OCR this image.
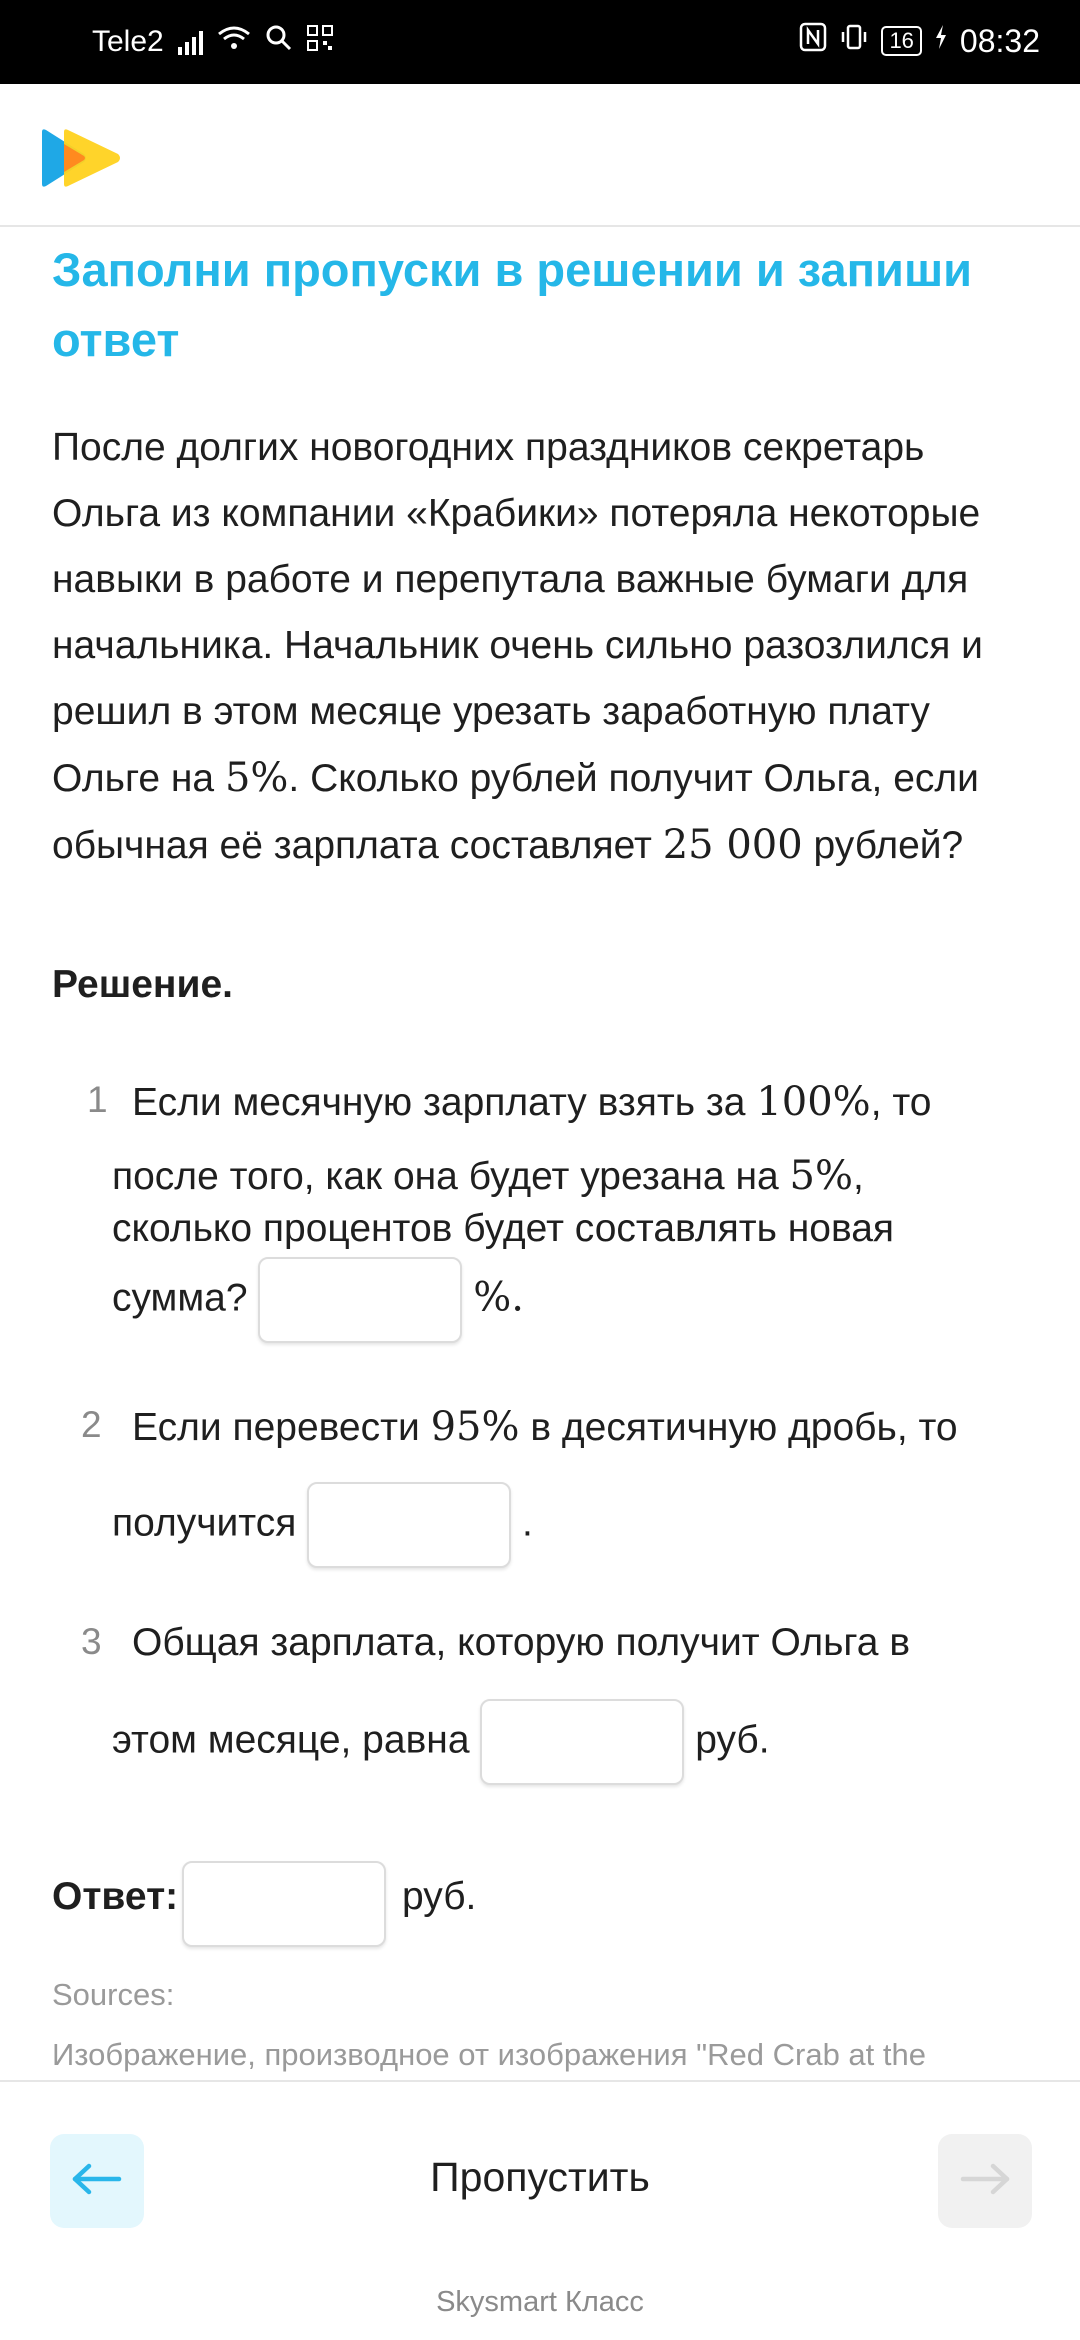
Tele2	16 08:32
Заполни пропуски в решении и запиши ответ
После долгих новогодних праздников секретарь Ольга из компании «Крабики» потеряла некоторые навыки в работе и перепутала важные бумаги для начальника. Начальник очень сильно разозлился и решил в этом месяце урезать заработную плату Ольге на 5%. Сколько рублей получит Ольга, если обычная её зарплата составляет 25 000 рублей?
Решение.
1 Если месячную зарплату взять за 100%, то
после того, как она будет урезана на 5%,
сколько процентов будет составлять новая
сумма?	%.
2 Если перевести 95% в десятичную дробь, то
получится	.
3 Общая зарплата, которую получит Ольга в
этом месяце, равна	руб.
Ответ:	руб.
Sources:
Изображение, производное от изображения "Red Crab at the
Пропустить
Skysmart Класс
